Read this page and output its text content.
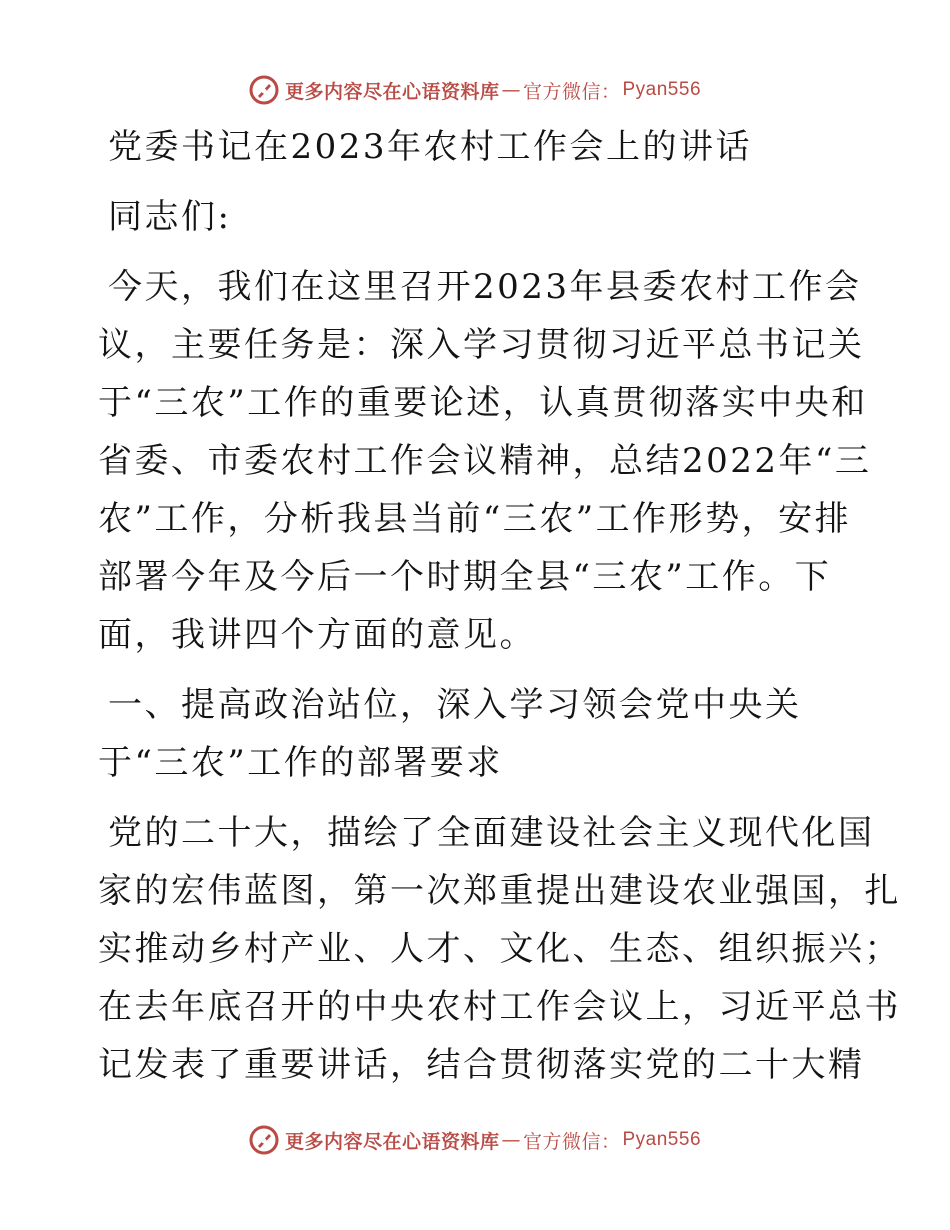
更多内容尽在心语资料库 — 官方微信： Pyan556
党委书记在2023年农村工作会上的讲话
同志们:
今天，我们在这里召开2023年县委农村工作会
议，主要任务是：深入学习贯彻习近平总书记关
于“三农”工作的重要论述，认真贯彻落实中央和
省委、市委农村工作会议精神，总结2022年“三
农”工作，分析我县当前“三农”工作形势，安排
部署今年及今后一个时期全县“三农”工作。下
面，我讲四个方面的意见。
一、提高政治站位，深入学习领会党中央关
于“三农”工作的部署要求
党的二十大，描绘了全面建设社会主义现代化国
家的宏伟蓝图，第一次郑重提出建设农业强国，扎
实推动乡村产业、人才、文化、生态、组织振兴；
在去年底召开的中央农村工作会议上，习近平总书
记发表了重要讲话，结合贯彻落实党的二十大精
更多内容尽在心语资料库 — 官方微信： Pyan556
